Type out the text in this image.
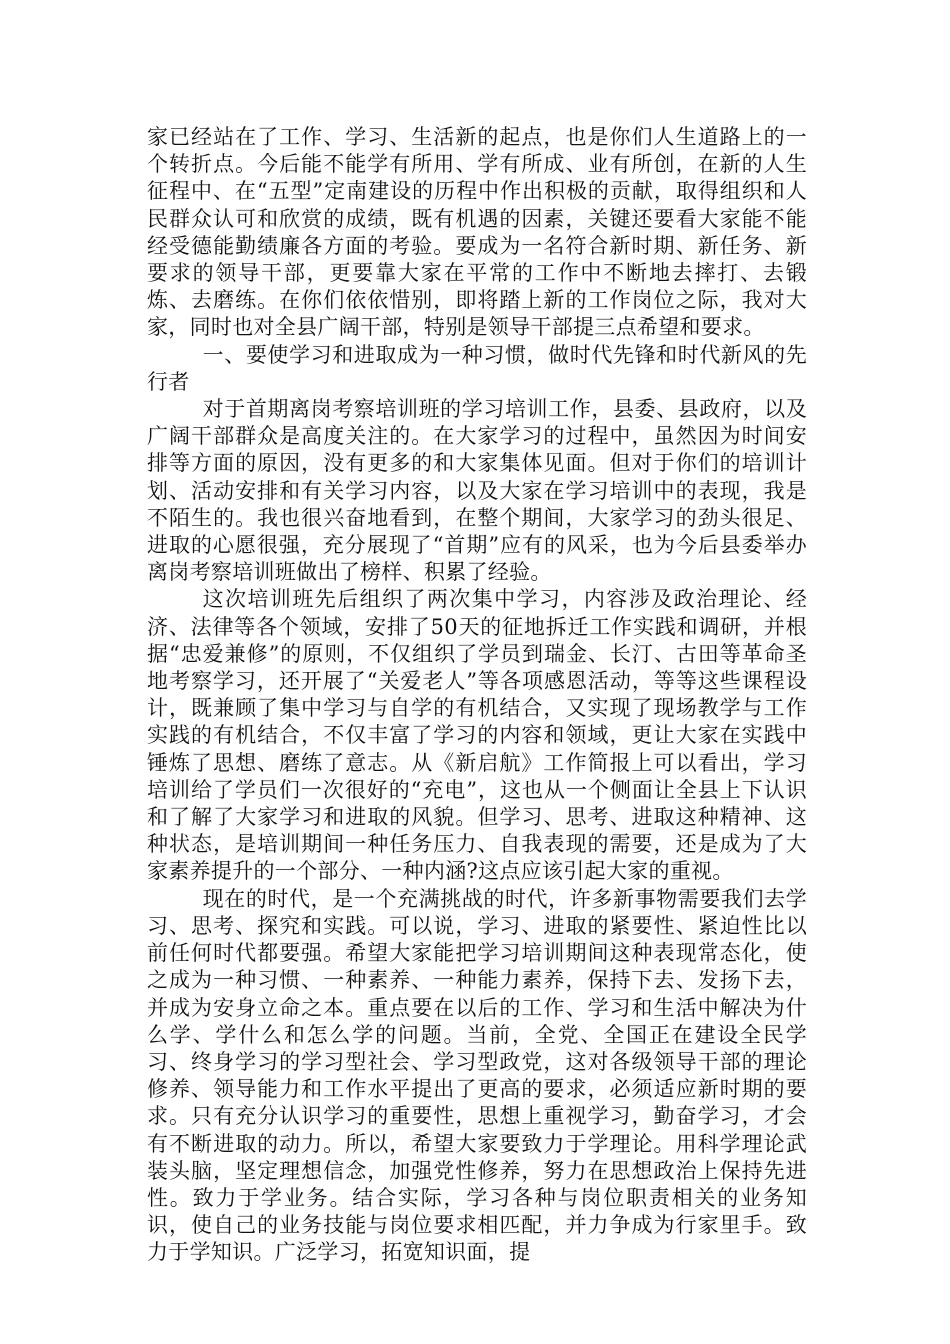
家已经站在了工作、学习、生活新的起点，也是你们人生道路上的一个转折点。今后能不能学有所用、学有所成、业有所创，在新的人生征程中、在“五型”定南建设的历程中作出积极的贡献，取得组织和人民群众认可和欣赏的成绩，既有机遇的因素，关键还要看大家能不能经受德能勤绩廉各方面的考验。要成为一名符合新时期、新任务、新要求的领导干部，更要靠大家在平常的工作中不断地去摔打、去锻炼、去磨练。在你们依依惜别，即将踏上新的工作岗位之际，我对大家，同时也对全县广阔干部，特别是领导干部提三点希望和要求。

一、要使学习和进取成为一种习惯，做时代先锋和时代新风的先行者

对于首期离岗考察培训班的学习培训工作，县委、县政府，以及广阔干部群众是高度关注的。在大家学习的过程中，虽然因为时间安排等方面的原因，没有更多的和大家集体见面。但对于你们的培训计划、活动安排和有关学习内容，以及大家在学习培训中的表现，我是不陌生的。我也很兴奋地看到，在整个期间，大家学习的劲头很足、进取的心愿很强，充分展现了“首期”应有的风采，也为今后县委举办离岗考察培训班做出了榜样、积累了经验。

这次培训班先后组织了两次集中学习，内容涉及政治理论、经济、法律等各个领域，安排了50天的征地拆迁工作实践和调研，并根据“忠爱兼修”的原则，不仅组织了学员到瑞金、长汀、古田等革命圣地考察学习，还开展了“关爱老人”等各项感恩活动，等等这些课程设计，既兼顾了集中学习与自学的有机结合，又实现了现场教学与工作实践的有机结合，不仅丰富了学习的内容和领域，更让大家在实践中锤炼了思想、磨练了意志。从《新启航》工作简报上可以看出，学习培训给了学员们一次很好的“充电”，这也从一个侧面让全县上下认识和了解了大家学习和进取的风貌。但学习、思考、进取这种精神、这种状态，是培训期间一种任务压力、自我表现的需要，还是成为了大家素养提升的一个部分、一种内涵?这点应该引起大家的重视。

现在的时代，是一个充满挑战的时代，许多新事物需要我们去学习、思考、探究和实践。可以说，学习、进取的紧要性、紧迫性比以前任何时代都要强。希望大家能把学习培训期间这种表现常态化，使之成为一种习惯、一种素养、一种能力素养，保持下去、发扬下去，并成为安身立命之本。重点要在以后的工作、学习和生活中解决为什么学、学什么和怎么学的问题。当前，全党、全国正在建设全民学习、终身学习的学习型社会、学习型政党，这对各级领导干部的理论修养、领导能力和工作水平提出了更高的要求，必须适应新时期的要求。只有充分认识学习的重要性，思想上重视学习，勤奋学习，才会有不断进取的动力。所以，希望大家要致力于学理论。用科学理论武装头脑，坚定理想信念，加强党性修养，努力在思想政治上保持先进性。致力于学业务。结合实际，学习各种与岗位职责相关的业务知识，使自己的业务技能与岗位要求相匹配，并力争成为行家里手。致力于学知识。广泛学习，拓宽知识面，提
